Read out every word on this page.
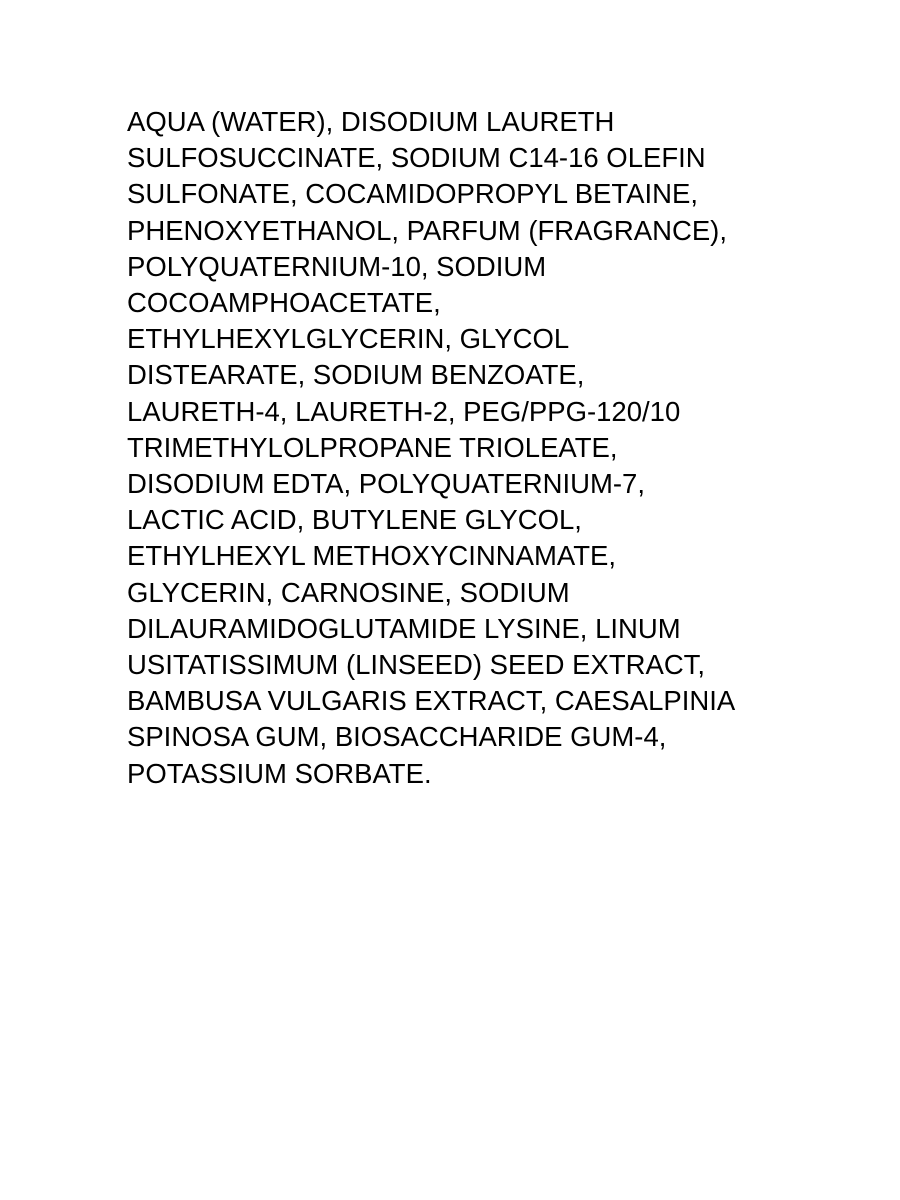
AQUA (WATER), DISODIUM LAURETH
SULFOSUCCINATE, SODIUM C14-16 OLEFIN
SULFONATE, COCAMIDOPROPYL BETAINE,
PHENOXYETHANOL, PARFUM (FRAGRANCE),
POLYQUATERNIUM-10, SODIUM
COCOAMPHOACETATE,
ETHYLHEXYLGLYCERIN, GLYCOL
DISTEARATE, SODIUM BENZOATE,
LAURETH-4, LAURETH-2, PEG/PPG-120/10
TRIMETHYLOLPROPANE TRIOLEATE,
DISODIUM EDTA, POLYQUATERNIUM-7,
LACTIC ACID, BUTYLENE GLYCOL,
ETHYLHEXYL METHOXYCINNAMATE,
GLYCERIN, CARNOSINE, SODIUM
DILAURAMIDOGLUTAMIDE LYSINE, LINUM
USITATISSIMUM (LINSEED) SEED EXTRACT,
BAMBUSA VULGARIS EXTRACT, CAESALPINIA
SPINOSA GUM, BIOSACCHARIDE GUM-4,
POTASSIUM SORBATE.
